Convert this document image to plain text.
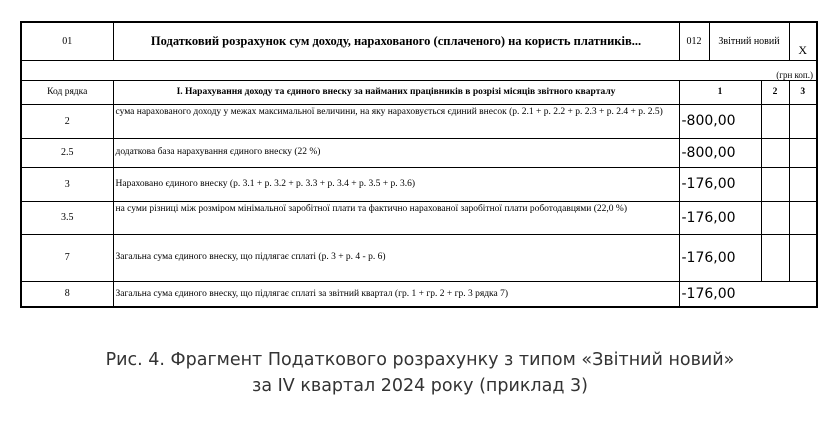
01	Податковий розрахунок сум доходу, нарахованого (сплаченого) на користь платників...	012	Звітний новий		X
(грн коп.)					
Код рядка	I. Нарахування доходу та єдиного внеску за найманих працівників в розрізі місяців звітного кварталу	1		2	3
2	сума нарахованого доходу у межах максимальної величини, на яку нараховується єдиний внесок (р. 2.1 + р. 2.2 + р. 2.3 + р. 2.4 + р. 2.5)	-800,00			
2.5	додаткова база нарахування єдиного внеску (22 %)	-800,00			
3	Нараховано єдиного внеску (р. 3.1 + р. 3.2 + р. 3.3 + р. 3.4 + р. 3.5 + р. 3.6)	-176,00			
3.5	на суми різниці між розміром мінімальної заробітної плати та фактично нарахованої заробітної плати роботодавцями (22,0 %)	-176,00			
7	Загальна сума єдиного внеску, що підлягає сплаті (р. 3 + р. 4 - р. 6)	-176,00			
8	Загальна сума єдиного внеску, що підлягає сплаті за звітний квартал (гр. 1 + гр. 2 + гр. 3 рядка 7)	-176,00			
Рис. 4. Фрагмент Податкового розрахунку з типом «Звітний новий»
за IV квартал 2024 року (приклад 3)
